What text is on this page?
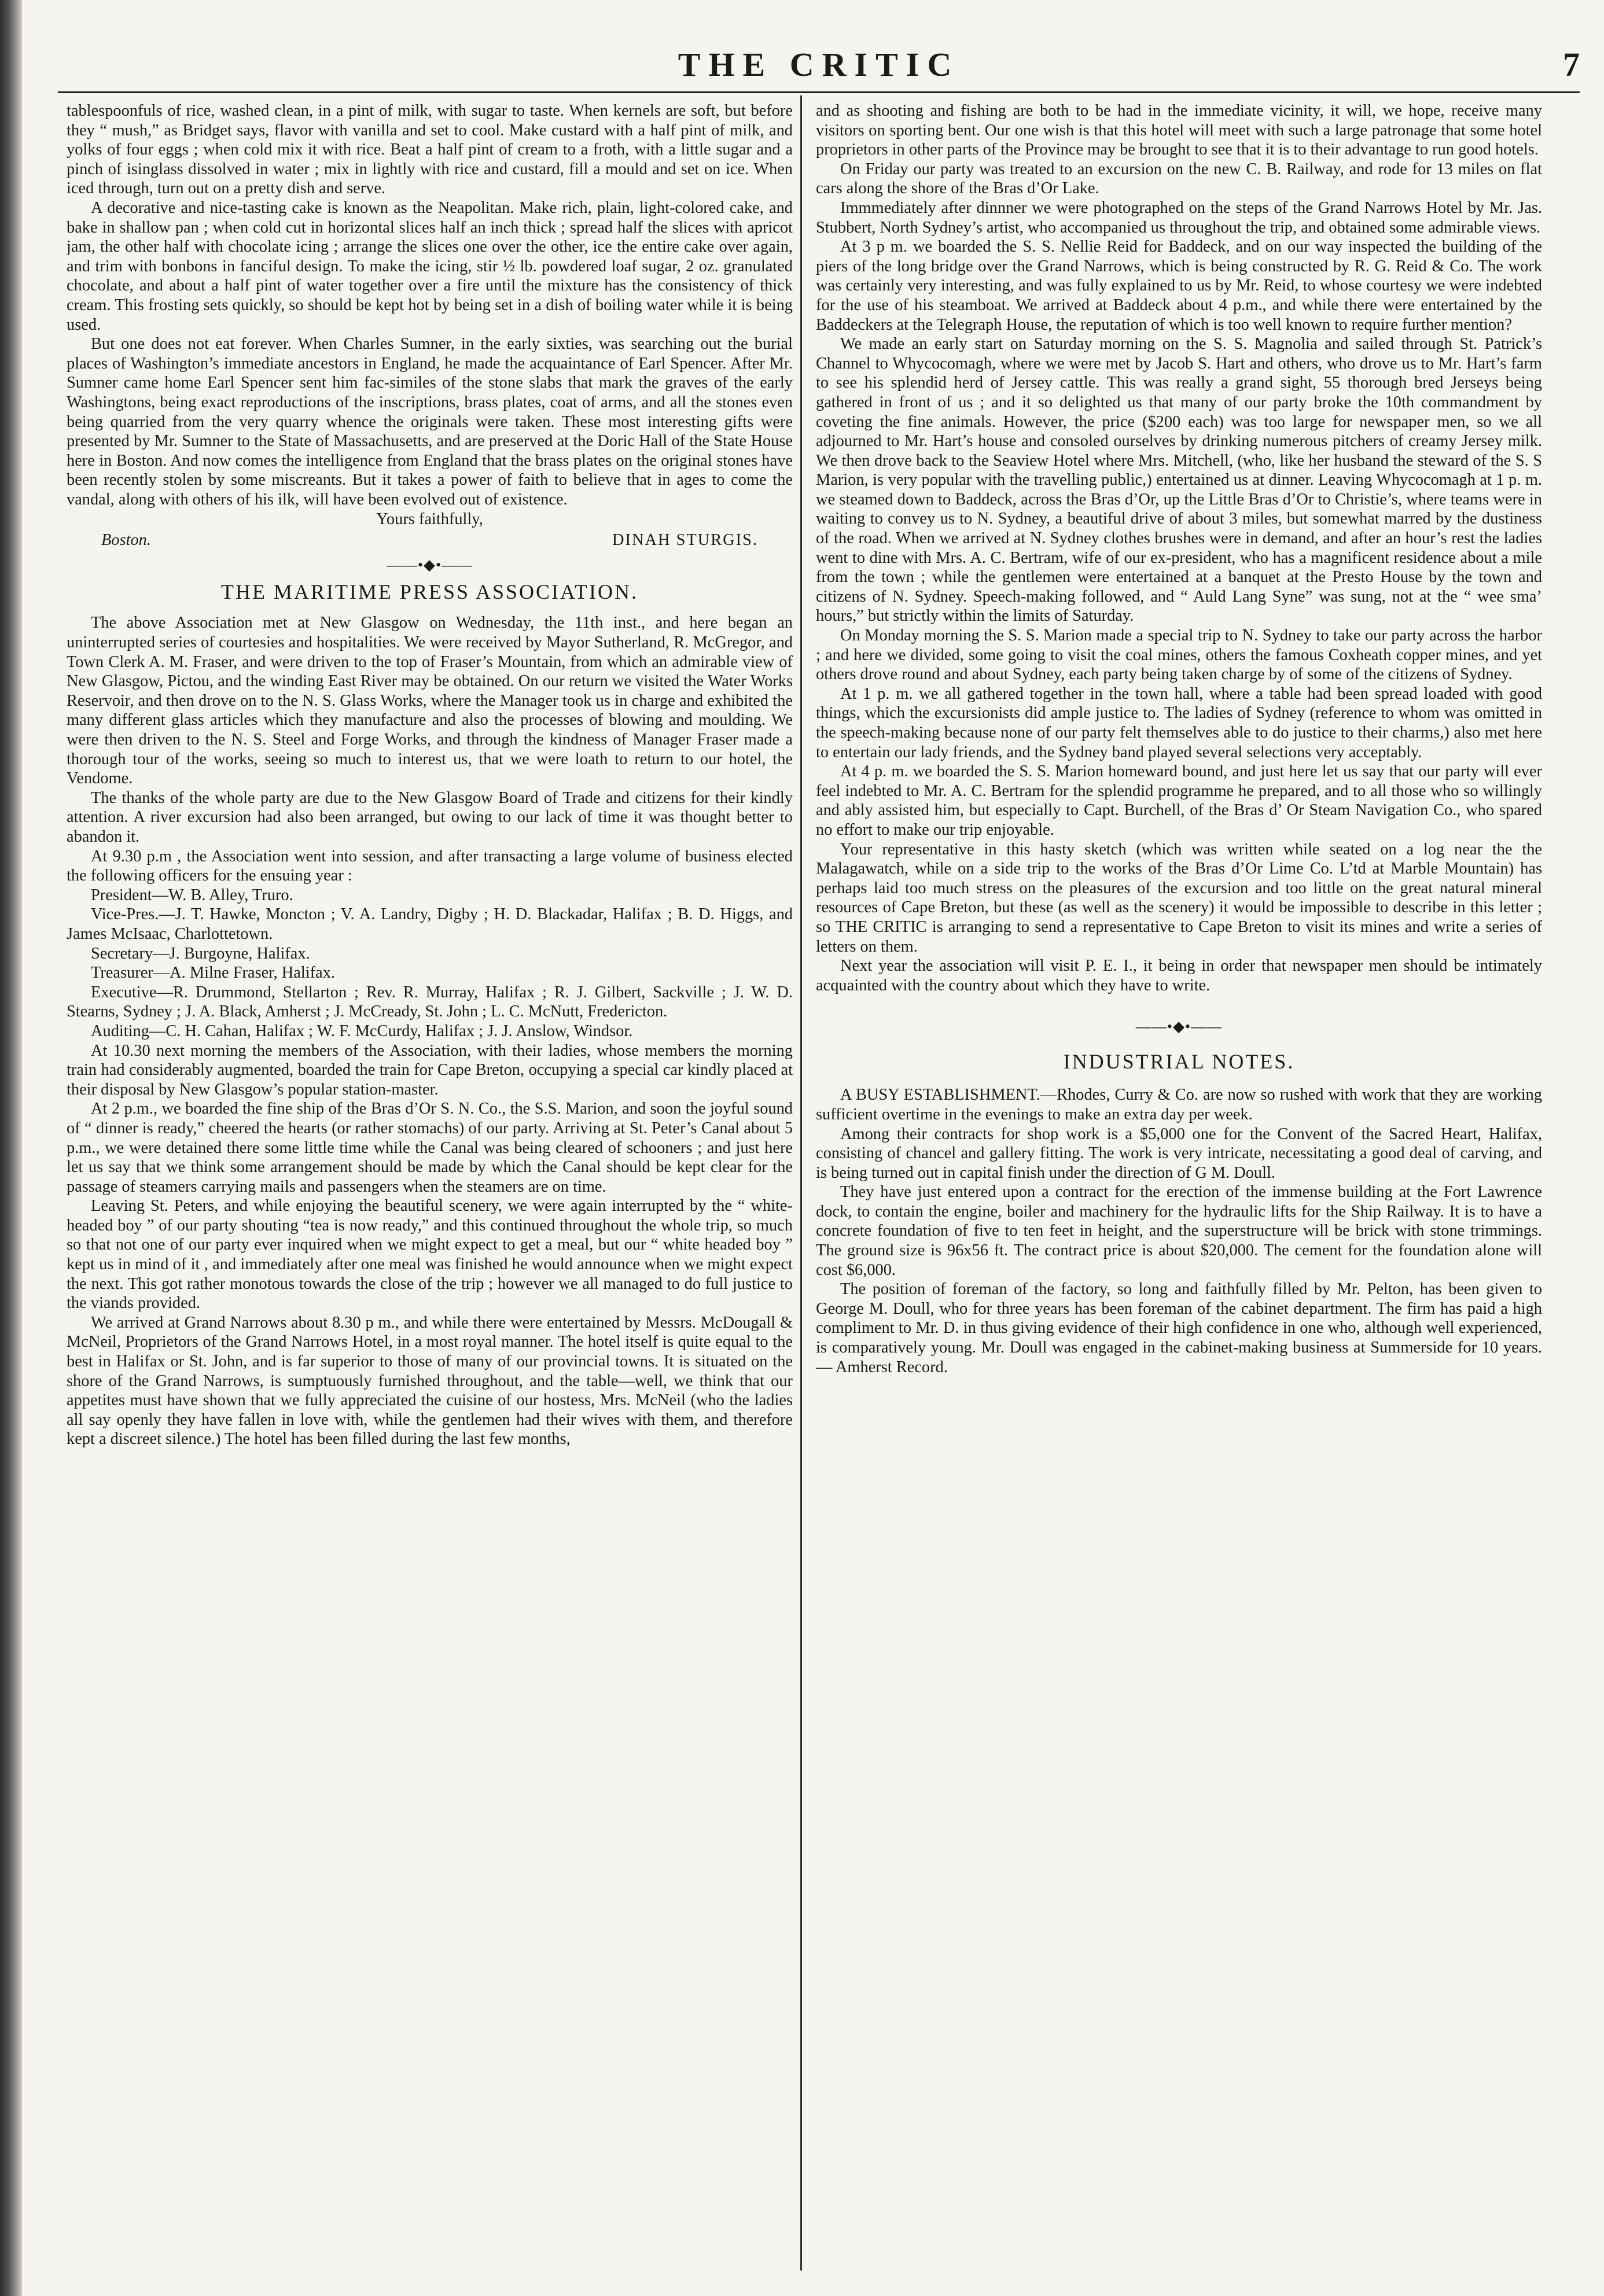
THE CRITIC	7

tablespoonfuls of rice, washed clean, in a pint of milk, with sugar to taste. When kernels are soft, but before they “ mush,” as Bridget says, flavor with vanilla and set to cool. Make custard with a half pint of milk, and yolks of four eggs ; when cold mix it with rice. Beat a half pint of cream to a froth, with a little sugar and a pinch of isinglass dissolved in water ; mix in lightly with rice and custard, fill a mould and set on ice. When iced through, turn out on a pretty dish and serve.

A decorative and nice-tasting cake is known as the Neapolitan. Make rich, plain, light-colored cake, and bake in shallow pan ; when cold cut in horizontal slices half an inch thick ; spread half the slices with apricot jam, the other half with chocolate icing ; arrange the slices one over the other, ice the entire cake over again, and trim with bonbons in fanciful design. To make the icing, stir ½ lb. powdered loaf sugar, 2 oz. granulated chocolate, and about a half pint of water together over a fire until the mixture has the consistency of thick cream. This frosting sets quickly, so should be kept hot by being set in a dish of boiling water while it is being used.

But one does not eat forever. When Charles Sumner, in the early sixties, was searching out the burial places of Washington’s immediate ancestors in England, he made the acquaintance of Earl Spencer. After Mr. Sumner came home Earl Spencer sent him fac-similes of the stone slabs that mark the graves of the early Washingtons, being exact reproductions of the inscriptions, brass plates, coat of arms, and all the stones even being quarried from the very quarry whence the originals were taken. These most interesting gifts were presented by Mr. Sumner to the State of Massachusetts, and are preserved at the Doric Hall of the State House here in Boston. And now comes the intelligence from England that the brass plates on the original stones have been recently stolen by some miscreants. But it takes a power of faith to believe that in ages to come the vandal, along with others of his ilk, will have been evolved out of existence.

Yours faithfully,
Boston.	DINAH STURGIS.
——•◆•——
THE MARITIME PRESS ASSOCIATION.

The above Association met at New Glasgow on Wednesday, the 11th inst., and here began an uninterrupted series of courtesies and hospitalities. We were received by Mayor Sutherland, R. McGregor, and Town Clerk A. M. Fraser, and were driven to the top of Fraser’s Mountain, from which an admirable view of New Glasgow, Pictou, and the winding East River may be obtained. On our return we visited the Water Works Reservoir, and then drove on to the N. S. Glass Works, where the Manager took us in charge and exhibited the many different glass articles which they manufacture and also the processes of blowing and moulding. We were then driven to the N. S. Steel and Forge Works, and through the kindness of Manager Fraser made a thorough tour of the works, seeing so much to interest us, that we were loath to return to our hotel, the Vendome.

The thanks of the whole party are due to the New Glasgow Board of Trade and citizens for their kindly attention. A river excursion had also been arranged, but owing to our lack of time it was thought better to abandon it.

At 9.30 p.m , the Association went into session, and after transacting a large volume of business elected the following officers for the ensuing year :

President—W. B. Alley, Truro.

Vice-Pres.—J. T. Hawke, Moncton ; V. A. Landry, Digby ; H. D. Blackadar, Halifax ; B. D. Higgs, and James McIsaac, Charlottetown.

Secretary—J. Burgoyne, Halifax.

Treasurer—A. Milne Fraser, Halifax.

Executive—R. Drummond, Stellarton ; Rev. R. Murray, Halifax ; R. J. Gilbert, Sackville ; J. W. D. Stearns, Sydney ; J. A. Black, Amherst ; J. McCready, St. John ; L. C. McNutt, Fredericton.

Auditing—C. H. Cahan, Halifax ; W. F. McCurdy, Halifax ; J. J. Anslow, Windsor.

At 10.30 next morning the members of the Association, with their ladies, whose members the morning train had considerably augmented, boarded the train for Cape Breton, occupying a special car kindly placed at their disposal by New Glasgow’s popular station-master.

At 2 p.m., we boarded the fine ship of the Bras d’Or S. N. Co., the S.S. Marion, and soon the joyful sound of “ dinner is ready,” cheered the hearts (or rather stomachs) of our party. Arriving at St. Peter’s Canal about 5 p.m., we were detained there some little time while the Canal was being cleared of schooners ; and just here let us say that we think some arrangement should be made by which the Canal should be kept clear for the passage of steamers carrying mails and passengers when the steamers are on time.

Leaving St. Peters, and while enjoying the beautiful scenery, we were again interrupted by the “ white-headed boy ” of our party shouting “tea is now ready,” and this continued throughout the whole trip, so much so that not one of our party ever inquired when we might expect to get a meal, but our “ white headed boy ” kept us in mind of it , and immediately after one meal was finished he would announce when we might expect the next. This got rather monotous towards the close of the trip ; however we all managed to do full justice to the viands provided.

We arrived at Grand Narrows about 8.30 p m., and while there were entertained by Messrs. McDougall & McNeil, Proprietors of the Grand Narrows Hotel, in a most royal manner. The hotel itself is quite equal to the best in Halifax or St. John, and is far superior to those of many of our provincial towns. It is situated on the shore of the Grand Narrows, is sumptuously furnished throughout, and the table—well, we think that our appetites must have shown that we fully appreciated the cuisine of our hostess, Mrs. McNeil (who the ladies all say openly they have fallen in love with, while the gentlemen had their wives with them, and therefore kept a discreet silence.) The hotel has been filled during the last few months,

and as shooting and fishing are both to be had in the immediate vicinity, it will, we hope, receive many visitors on sporting bent. Our one wish is that this hotel will meet with such a large patronage that some hotel proprietors in other parts of the Province may be brought to see that it is to their advantage to run good hotels.

On Friday our party was treated to an excursion on the new C. B. Railway, and rode for 13 miles on flat cars along the shore of the Bras d’Or Lake.

Immmediately after dinnner we were photographed on the steps of the Grand Narrows Hotel by Mr. Jas. Stubbert, North Sydney’s artist, who accompanied us throughout the trip, and obtained some admirable views.

At 3 p m. we boarded the S. S. Nellie Reid for Baddeck, and on our way inspected the building of the piers of the long bridge over the Grand Narrows, which is being constructed by R. G. Reid & Co. The work was certainly very interesting, and was fully explained to us by Mr. Reid, to whose courtesy we were indebted for the use of his steamboat. We arrived at Baddeck about 4 p.m., and while there were entertained by the Baddeckers at the Telegraph House, the reputation of which is too well known to require further mention?

We made an early start on Saturday morning on the S. S. Magnolia and sailed through St. Patrick’s Channel to Whycocomagh, where we were met by Jacob S. Hart and others, who drove us to Mr. Hart’s farm to see his splendid herd of Jersey cattle. This was really a grand sight, 55 thorough bred Jerseys being gathered in front of us ; and it so delighted us that many of our party broke the 10th commandment by coveting the fine animals. However, the price ($200 each) was too large for newspaper men, so we all adjourned to Mr. Hart’s house and consoled ourselves by drinking numerous pitchers of creamy Jersey milk. We then drove back to the Seaview Hotel where Mrs. Mitchell, (who, like her husband the steward of the S. S Marion, is very popular with the travelling public,) entertained us at dinner. Leaving Whycocomagh at 1 p. m. we steamed down to Baddeck, across the Bras d’Or, up the Little Bras d’Or to Christie’s, where teams were in waiting to convey us to N. Sydney, a beautiful drive of about 3 miles, but somewhat marred by the dustiness of the road. When we arrived at N. Sydney clothes brushes were in demand, and after an hour’s rest the ladies went to dine with Mrs. A. C. Bertram, wife of our ex-president, who has a magnificent residence about a mile from the town ; while the gentlemen were entertained at a banquet at the Presto House by the town and citizens of N. Sydney. Speech-making followed, and “ Auld Lang Syne” was sung, not at the “ wee sma’ hours,” but strictly within the limits of Saturday.

On Monday morning the S. S. Marion made a special trip to N. Sydney to take our party across the harbor ; and here we divided, some going to visit the coal mines, others the famous Coxheath copper mines, and yet others drove round and about Sydney, each party being taken charge by of some of the citizens of Sydney.

At 1 p. m. we all gathered together in the town hall, where a table had been spread loaded with good things, which the excursionists did ample justice to. The ladies of Sydney (reference to whom was omitted in the speech-making because none of our party felt themselves able to do justice to their charms,) also met here to entertain our lady friends, and the Sydney band played several selections very acceptably.

At 4 p. m. we boarded the S. S. Marion homeward bound, and just here let us say that our party will ever feel indebted to Mr. A. C. Bertram for the splendid programme he prepared, and to all those who so willingly and ably assisted him, but especially to Capt. Burchell, of the Bras d’ Or Steam Navigation Co., who spared no effort to make our trip enjoyable.

Your representative in this hasty sketch (which was written while seated on a log near the the Malagawatch, while on a side trip to the works of the Bras d’Or Lime Co. L’td at Marble Mountain) has perhaps laid too much stress on the pleasures of the excursion and too little on the great natural mineral resources of Cape Breton, but these (as well as the scenery) it would be impossible to describe in this letter ; so THE CRITIC is arranging to send a representative to Cape Breton to visit its mines and write a series of letters on them.

Next year the association will visit P. E. I., it being in order that newspaper men should be intimately acquainted with the country about which they have to write.

——•◆•——
INDUSTRIAL NOTES.

A BUSY ESTABLISHMENT.—Rhodes, Curry & Co. are now so rushed with work that they are working sufficient overtime in the evenings to make an extra day per week.

Among their contracts for shop work is a $5,000 one for the Convent of the Sacred Heart, Halifax, consisting of chancel and gallery fitting. The work is very intricate, necessitating a good deal of carving, and is being turned out in capital finish under the direction of G M. Doull.

They have just entered upon a contract for the erection of the immense building at the Fort Lawrence dock, to contain the engine, boiler and machinery for the hydraulic lifts for the Ship Railway. It is to have a concrete foundation of five to ten feet in height, and the superstructure will be brick with stone trimmings. The ground size is 96x56 ft. The contract price is about $20,000. The cement for the foundation alone will cost $6,000.

The position of foreman of the factory, so long and faithfully filled by Mr. Pelton, has been given to George M. Doull, who for three years has been foreman of the cabinet department. The firm has paid a high compliment to Mr. D. in thus giving evidence of their high confidence in one who, although well experienced, is comparatively young. Mr. Doull was engaged in the cabinet-making business at Summerside for 10 years. — Amherst Record.
